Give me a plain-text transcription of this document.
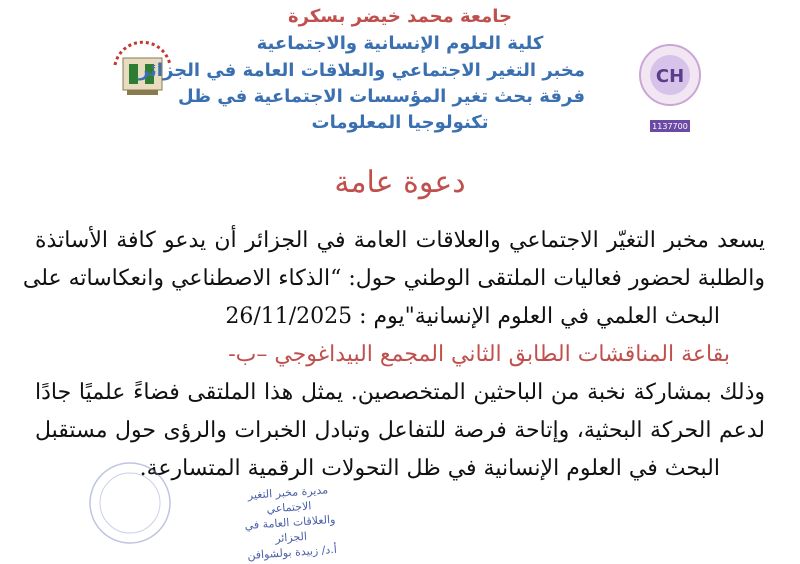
CH
1137700
جامعة محمد خيضر بسكرة
كلية العلوم الإنسانية والاجتماعية
مخبر التغير الاجتماعي والعلاقات العامة في الجزائر
فرقة بحث تغير المؤسسات الاجتماعية في ظل
تكنولوجيا المعلومات
دعوة عامة
يسعد مخبر التغيّر الاجتماعي والعلاقات العامة في الجزائر أن يدعو كافة الأساتذة
والطلبة لحضور فعاليات الملتقى الوطني حول: “الذكاء الاصطناعي وانعكاساته على
البحث العلمي في العلوم الإنسانية"يوم : 26/11/2025
بقاعة المناقشات الطابق الثاني المجمع البيداغوجي –ب-
وذلك بمشاركة نخبة من الباحثين المتخصصين. يمثل هذا الملتقى فضاءً علميًا جادًا
لدعم الحركة البحثية، وإتاحة فرصة للتفاعل وتبادل الخبرات والرؤى حول مستقبل
البحث في العلوم الإنسانية في ظل التحولات الرقمية المتسارعة.
مديرة مخبر التغير الاجتماعي
والعلاقات العامة في الجزائر
أ.د/ زبيدة بولشوافن
